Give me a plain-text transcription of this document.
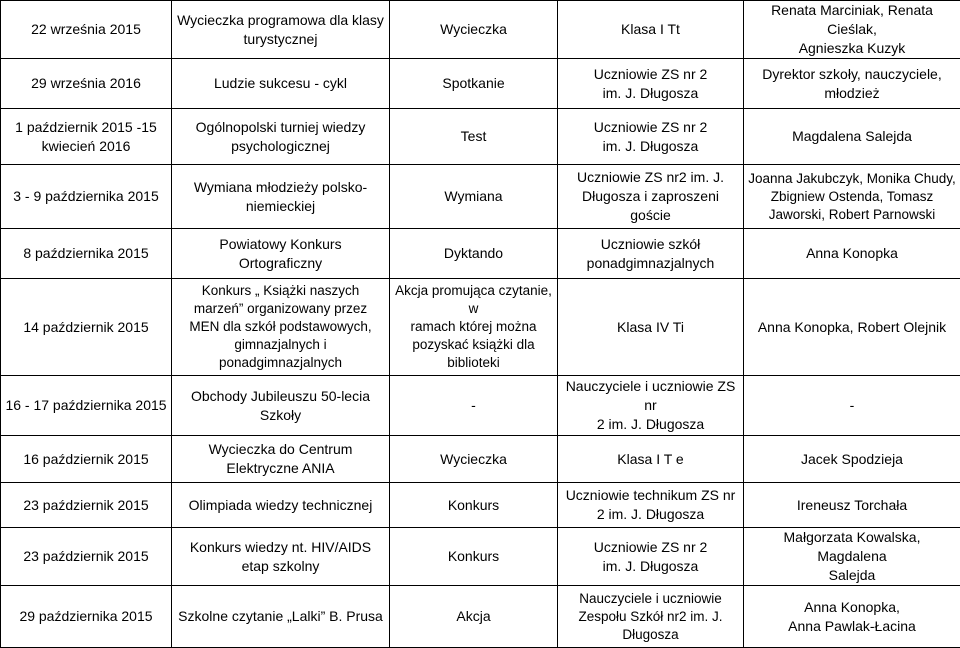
22 września 2015	Wycieczka programowa dla klasy
turystycznej	Wycieczka	Klasa I Tt	Renata Marciniak, Renata Cieślak,
Agnieszka Kuzyk
29 września 2016	Ludzie sukcesu - cykl	Spotkanie	Uczniowie ZS nr 2
im. J. Długosza	Dyrektor szkoły, nauczyciele,
młodzież
1 październik 2015 -15
kwiecień 2016	Ogólnopolski turniej wiedzy
psychologicznej	Test	Uczniowie ZS nr 2
im. J. Długosza	Magdalena Salejda
3 - 9 października 2015	Wymiana młodzieży polsko-
niemieckiej	Wymiana	Uczniowie ZS nr2 im. J.
Długosza i zaproszeni goście	Joanna Jakubczyk, Monika Chudy,
Zbigniew Ostenda, Tomasz
Jaworski, Robert Parnowski
8 października 2015	Powiatowy Konkurs
Ortograficzny	Dyktando	Uczniowie szkół
ponadgimnazjalnych	Anna Konopka
14 październik 2015	Konkurs „ Książki naszych
marzeń” organizowany przez
MEN dla szkół podstawowych,
gimnazjalnych i
ponadgimnazjalnych	Akcja promująca czytanie, w
ramach której można
pozyskać książki dla
biblioteki	Klasa IV Ti	Anna Konopka, Robert Olejnik
16 - 17 października 2015	Obchody Jubileuszu 50-lecia
Szkoły	-	Nauczyciele i uczniowie ZS nr
2 im. J. Długosza	-
16 październik 2015	Wycieczka do Centrum
Elektryczne ANIA	Wycieczka	Klasa I T e	Jacek Spodzieja
23 październik 2015	Olimpiada wiedzy technicznej	Konkurs	Uczniowie technikum ZS nr
2 im. J. Długosza	Ireneusz Torchała
23 październik 2015	Konkurs wiedzy nt. HIV/AIDS
etap szkolny	Konkurs	Uczniowie ZS nr 2
im. J. Długosza	Małgorzata Kowalska, Magdalena
Salejda
29 października 2015	Szkolne czytanie „Lalki” B. Prusa	Akcja	Nauczyciele i uczniowie
Zespołu Szkół nr2 im. J.
Długosza	Anna Konopka,
Anna Pawlak-Łacina
